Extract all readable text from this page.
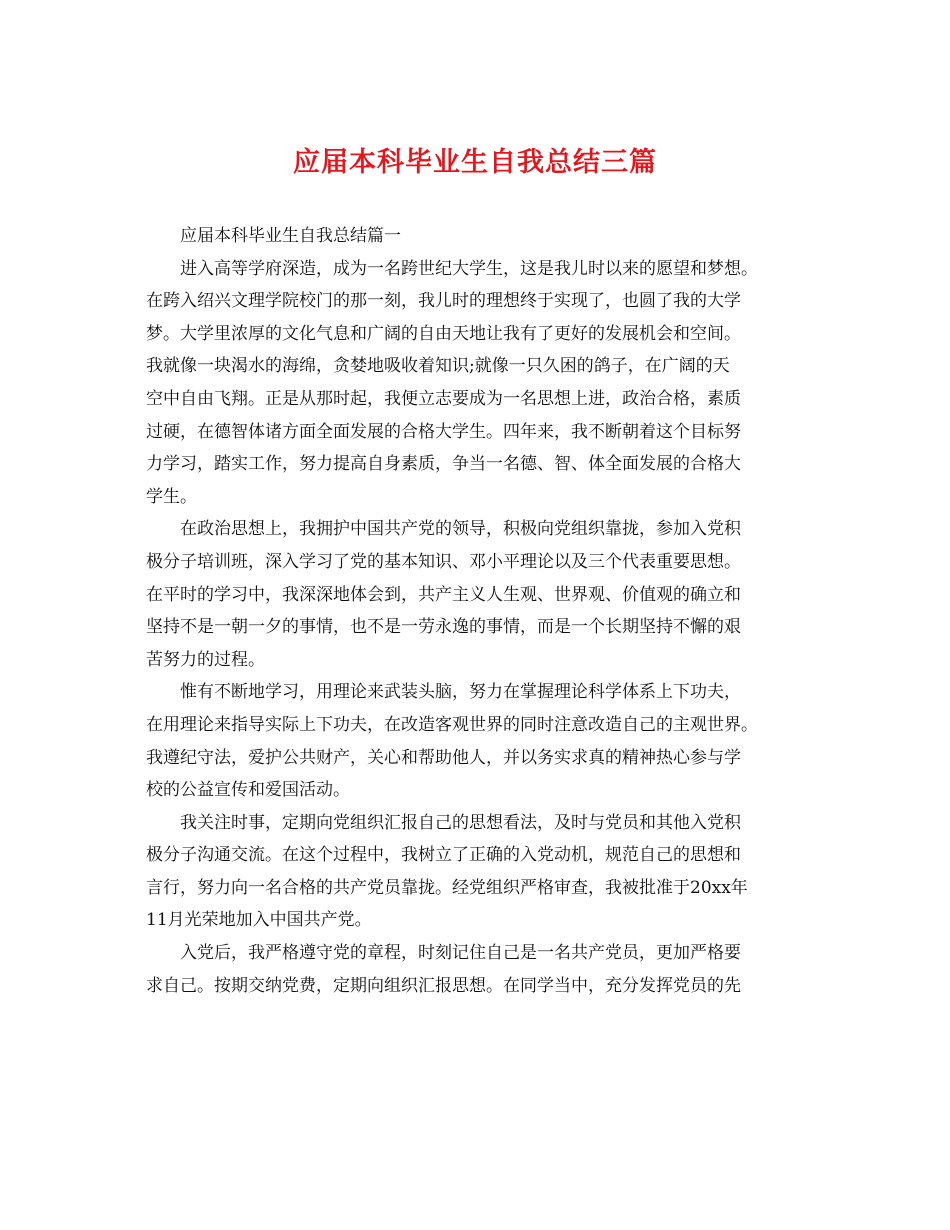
应届本科毕业生自我总结三篇

应届本科毕业生自我总结篇一

进入高等学府深造，成为一名跨世纪大学生，这是我儿时以来的愿望和梦想。
在跨入绍兴文理学院校门的那一刻，我儿时的理想终于实现了，也圆了我的大学
梦。大学里浓厚的文化气息和广阔的自由天地让我有了更好的发展机会和空间。
我就像一块渴水的海绵，贪婪地吸收着知识;就像一只久困的鸽子，在广阔的天
空中自由飞翔。正是从那时起，我便立志要成为一名思想上进，政治合格，素质
过硬，在德智体诸方面全面发展的合格大学生。四年来，我不断朝着这个目标努
力学习，踏实工作，努力提高自身素质，争当一名德、智、体全面发展的合格大
学生。

在政治思想上，我拥护中国共产党的领导，积极向党组织靠拢，参加入党积
极分子培训班，深入学习了党的基本知识、邓小平理论以及三个代表重要思想。
在平时的学习中，我深深地体会到，共产主义人生观、世界观、价值观的确立和
坚持不是一朝一夕的事情，也不是一劳永逸的事情，而是一个长期坚持不懈的艰
苦努力的过程。

惟有不断地学习，用理论来武装头脑，努力在掌握理论科学体系上下功夫，
在用理论来指导实际上下功夫，在改造客观世界的同时注意改造自己的主观世界。
我遵纪守法，爱护公共财产，关心和帮助他人，并以务实求真的精神热心参与学
校的公益宣传和爱国活动。

我关注时事，定期向党组织汇报自己的思想看法，及时与党员和其他入党积
极分子沟通交流。在这个过程中，我树立了正确的入党动机，规范自己的思想和
言行，努力向一名合格的共产党员靠拢。经党组织严格审查，我被批准于20xx年
11月光荣地加入中国共产党。

入党后，我严格遵守党的章程，时刻记住自己是一名共产党员，更加严格要
求自己。按期交纳党费，定期向组织汇报思想。在同学当中，充分发挥党员的先
